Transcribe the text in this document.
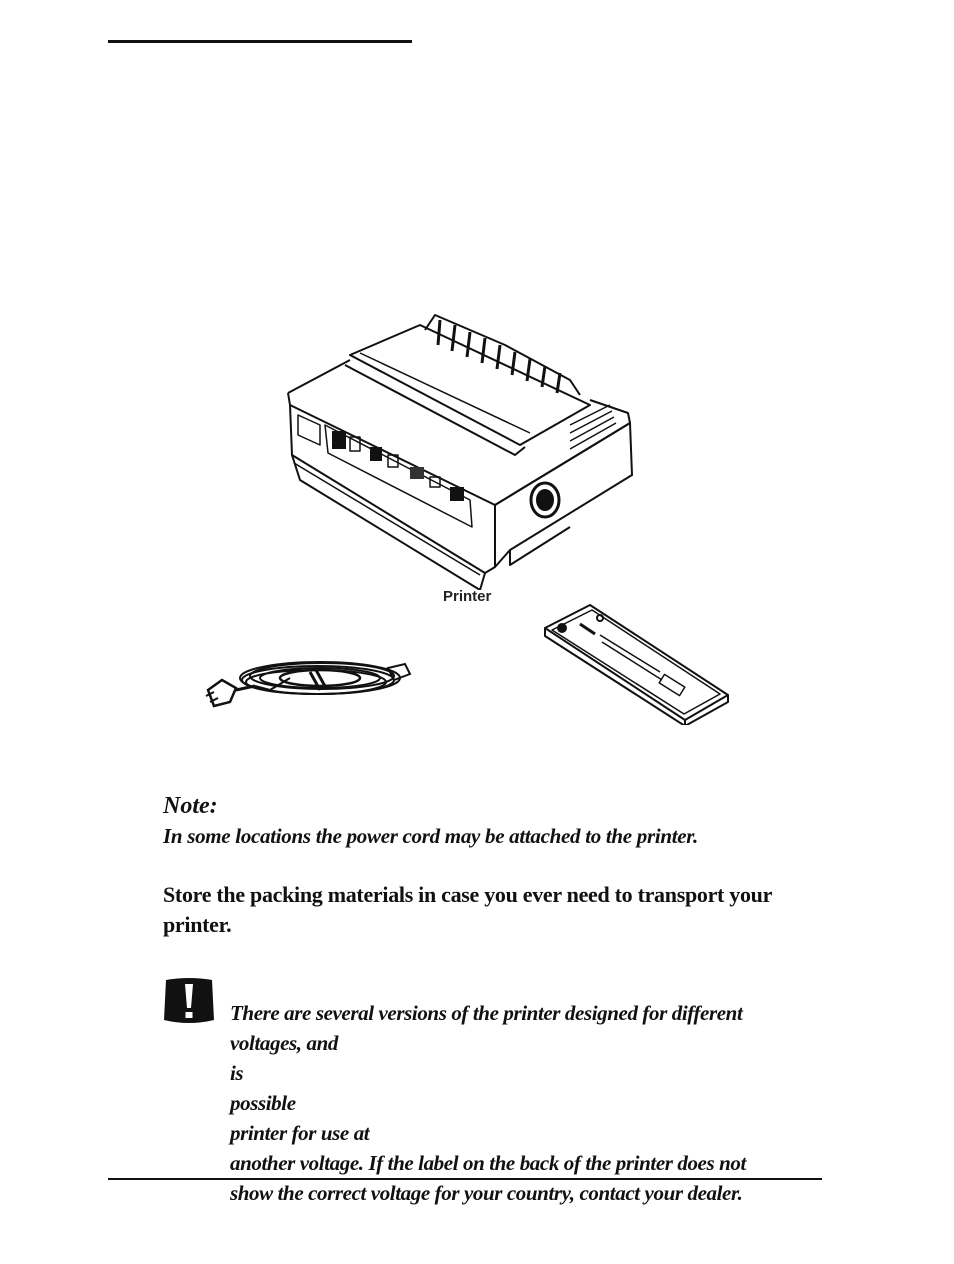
Printer
Note:
In some locations the power cord may be attached to the printer.
Store the packing materials in case you ever need to transport your printer.
There are several versions of the printer designed for different
voltages, and
is
possible
printer for use at
another voltage. If the label on the back of the printer does not
show the correct voltage for your country, contact your dealer.
